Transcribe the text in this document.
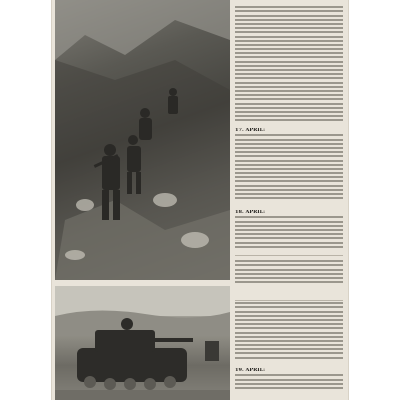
17. APRIL:
18. APRIL:
19. APRIL:
